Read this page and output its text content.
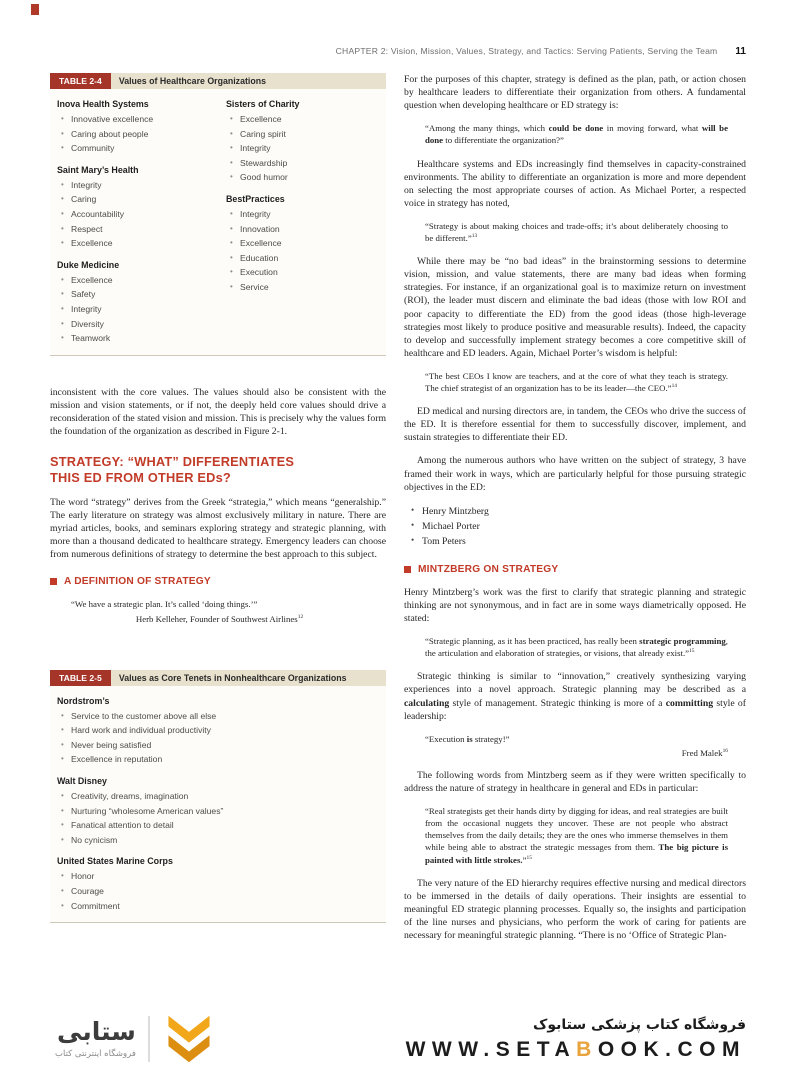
CHAPTER 2: Vision, Mission, Values, Strategy, and Tactics: Serving Patients, Serving the Team 11
TABLE 2-4	Values of Healthcare Organizations
Inova Health Systems
• Innovative excellence
• Caring about people
• Community
Saint Mary’s Health
• Integrity
• Caring
• Accountability
• Respect
• Excellence
Duke Medicine
• Excellence
• Safety
• Integrity
• Diversity
• Teamwork
Sisters of Charity
• Excellence
• Caring spirit
• Integrity
• Stewardship
• Good humor
BestPractices
• Integrity
• Innovation
• Excellence
• Education
• Execution
• Service

inconsistent with the core values. The values should also be consistent with the mission and vision statements, or if not, the deeply held core values should drive a reconsideration of the stated vision and mission. This is precisely why the values form the foundation of the organization as described in Figure 2-1.

STRATEGY: “WHAT” DIFFERENTIATES
THIS ED FROM OTHER EDs?

The word “strategy” derives from the Greek “strategia,” which means “generalship.” The early literature on strategy was almost exclusively military in nature. There are myriad articles, books, and seminars exploring strategy and strategic planning, with more than a thousand dedicated to healthcare strategy. Emergency leaders can choose from numerous definitions of strategy to determine the best approach to this subject.

A DEFINITION OF STRATEGY

“We have a strategic plan. It’s called ‘doing things.’”

Herb Kelleher, Founder of Southwest Airlines$^{12}$

TABLE 2-5	Values as Core Tenets in Nonhealthcare Organizations
Nordstrom’s
• Service to the customer above all else
• Hard work and individual productivity
• Never being satisfied
• Excellence in reputation
Walt Disney
• Creativity, dreams, imagination
• Nurturing “wholesome American values”
• Fanatical attention to detail
• No cynicism
United States Marine Corps
• Honor
• Courage
• Commitment

For the purposes of this chapter, strategy is defined as the plan, path, or action chosen by healthcare leaders to differentiate their organization from others. A fundamental question when developing healthcare or ED strategy is:

“Among the many things, which could be done in moving forward, what will be done to differentiate the organization?”

Healthcare systems and EDs increasingly find themselves in capacity-constrained environments. The ability to differentiate an organization is more and more dependent on selecting the most appropriate courses of action. As Michael Porter, a respected voice in strategy has noted,

“Strategy is about making choices and trade-offs; it’s about deliberately choosing to be different.”$^{13}$

While there may be “no bad ideas” in the brainstorming sessions to determine vision, mission, and value statements, there are many bad ideas when forming strategies. For instance, if an organizational goal is to maximize return on investment (ROI), the leader must discern and eliminate the bad ideas (those with low ROI and poor capacity to differentiate the ED) from the good ideas (those high-leverage strategies most likely to produce positive and measurable results). Indeed, the capacity to develop and successfully implement strategy becomes a core competitive skill of healthcare and ED leaders. Again, Michael Porter’s wisdom is helpful:

“The best CEOs I know are teachers, and at the core of what they teach is strategy. The chief strategist of an organization has to be its leader—the CEO.”$^{14}$

ED medical and nursing directors are, in tandem, the CEOs who drive the success of the ED. It is therefore essential for them to successfully discover, implement, and sustain strategies to differentiate their ED.

Among the numerous authors who have written on the subject of strategy, 3 have framed their work in ways, which are particularly helpful for those pursuing strategic objectives in the ED:

• Henry Mintzberg
• Michael Porter
• Tom Peters
MINTZBERG ON STRATEGY

Henry Mintzberg’s work was the first to clarify that strategic planning and strategic thinking are not synonymous, and in fact are in some ways diametrically opposed. He stated:

“Strategic planning, as it has been practiced, has really been strategic programming, the articulation and elaboration of strategies, or visions, that already exist.”$^{15}$

Strategic thinking is similar to “innovation,” creatively synthesizing varying experiences into a novel approach. Strategic planning may be described as a calculating style of management. Strategic thinking is more of a committing style of leadership:

“Execution is strategy!”

Fred Malek$^{16}$

The following words from Mintzberg seem as if they were written specifically to address the nature of strategy in healthcare in general and EDs in particular:

“Real strategists get their hands dirty by digging for ideas, and real strategies are built from the occasional nuggets they uncover. These are not people who abstract themselves from the daily details; they are the ones who immerse themselves in them while being able to abstract the strategic messages from them. The big picture is painted with little strokes.”$^{15}$

The very nature of the ED hierarchy requires effective nursing and medical directors to be immersed in the details of daily operations. Their insights are essential to meaningful ED strategic planning processes. Equally so, the insights and participation of the line nurses and physicians, who perform the work of caring for patients are necessary for meaningful strategic planning. “There is no ‘Office of Strategic Plan-

ستابی
فروشگاه اینترنتی کتاب
فروشگاه کتاب پزشکی ستابوک
WWW.SETABOOK.COM
